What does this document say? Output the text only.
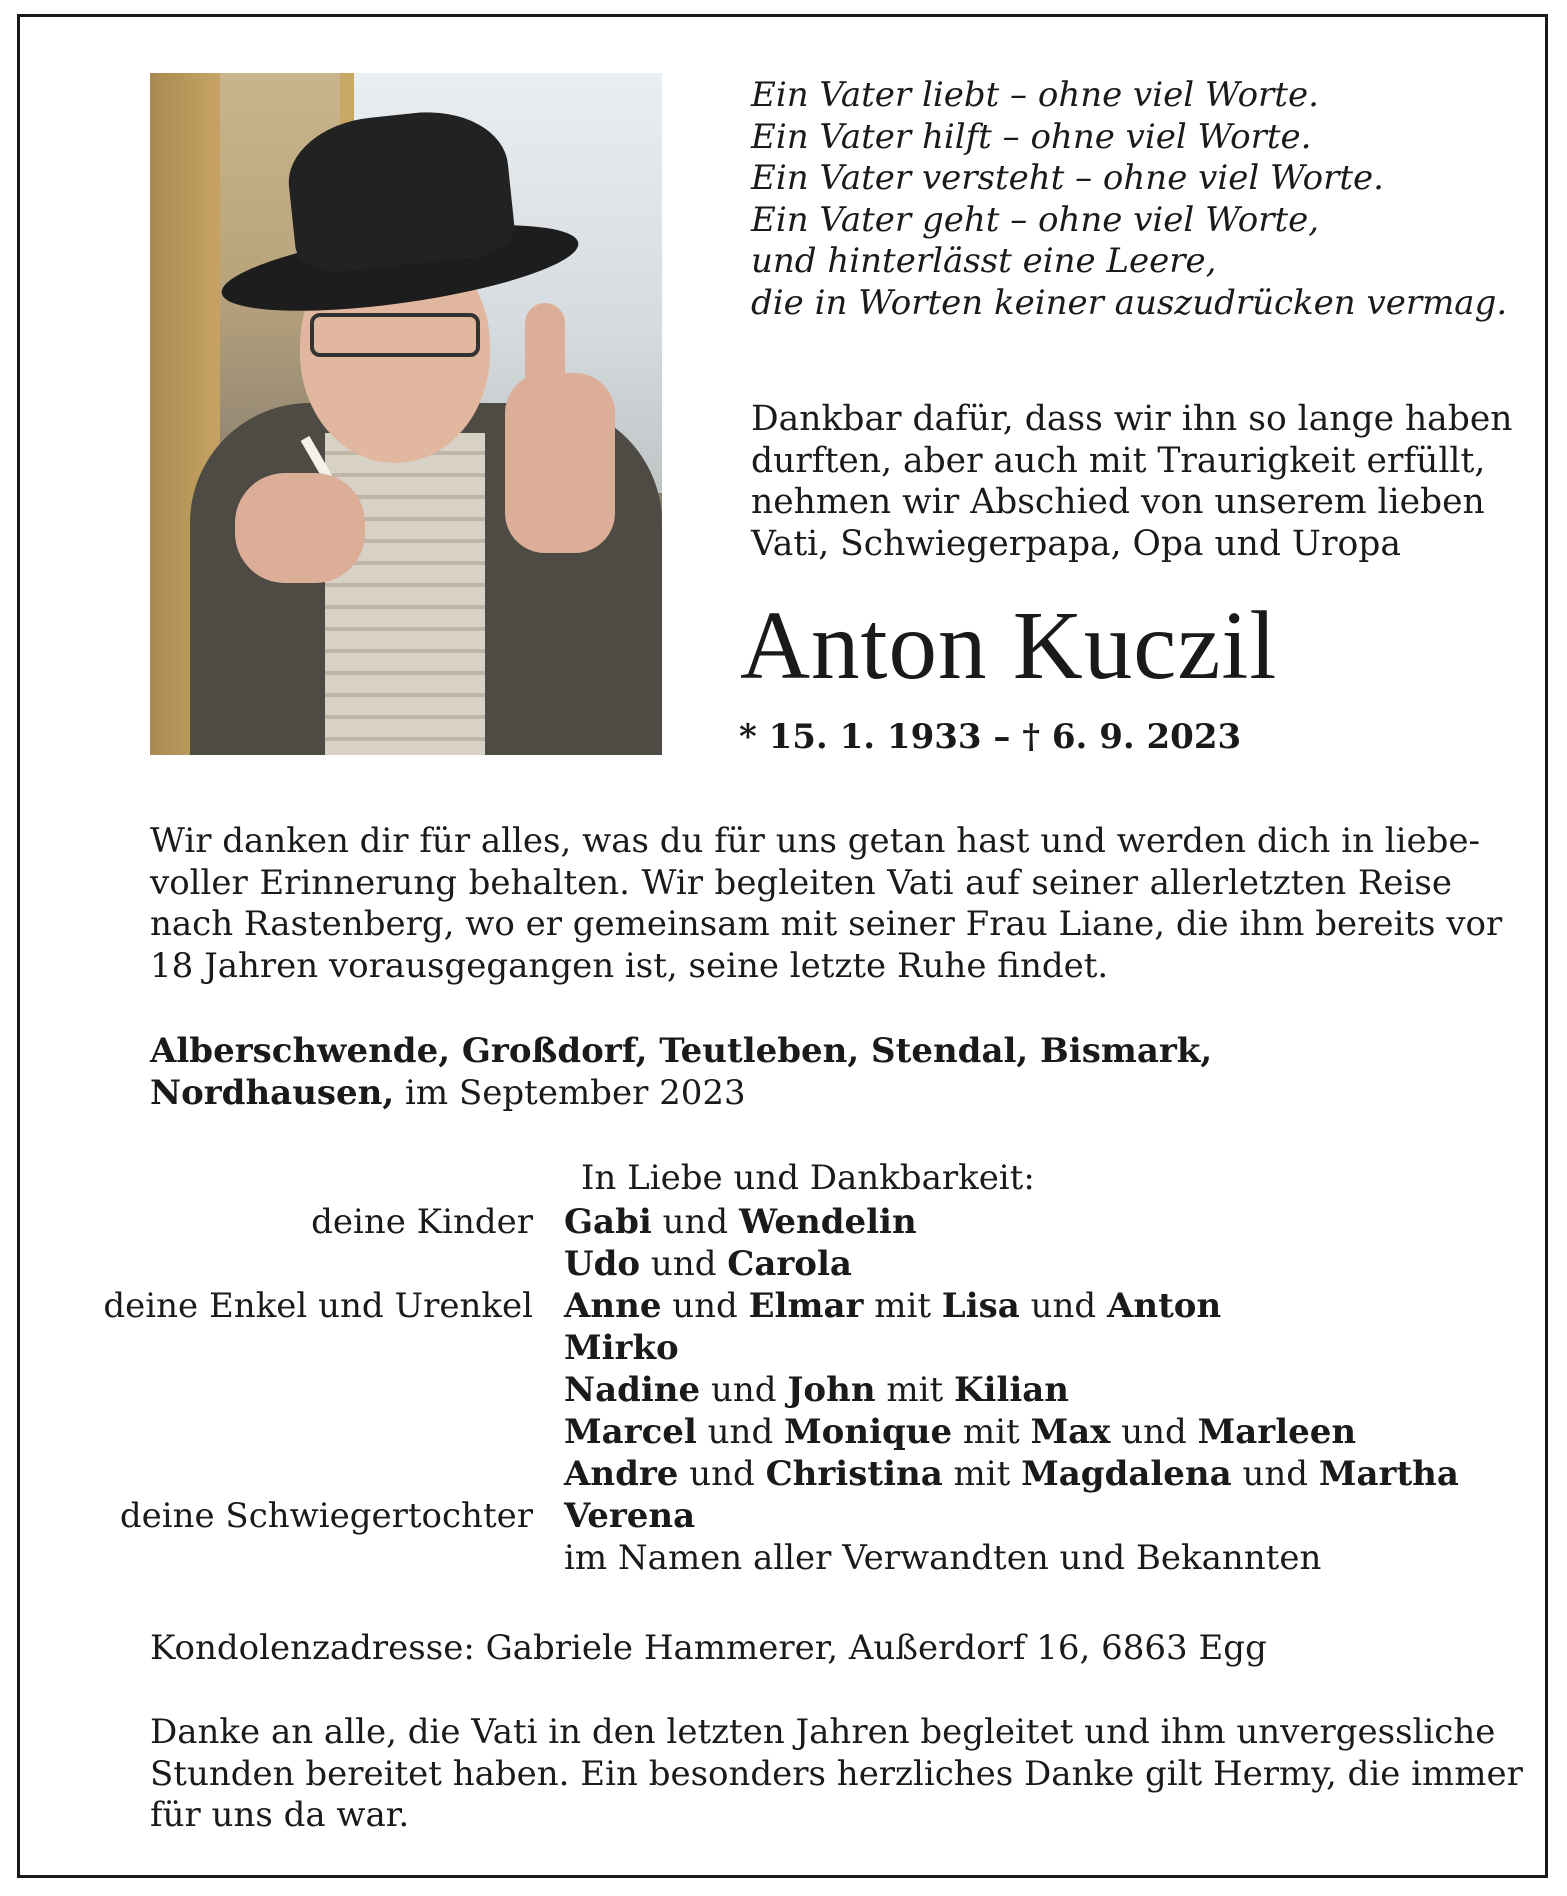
Ein Vater liebt – ohne viel Worte.
Ein Vater hilft – ohne viel Worte.
Ein Vater versteht – ohne viel Worte.
Ein Vater geht – ohne viel Worte,
und hinterlässt eine Leere,
die in Worten keiner auszudrücken vermag.
Dankbar dafür, dass wir ihn so lange haben
durften, aber auch mit Traurigkeit erfüllt,
nehmen wir Abschied von unserem lieben
Vati, Schwiegerpapa, Opa und Uropa
Anton Kuczil
* 15. 1. 1933 – † 6. 9. 2023
Wir danken dir für alles, was du für uns getan hast und werden dich in liebe-
voller Erinnerung behalten. Wir begleiten Vati auf seiner allerletzten Reise
nach Rastenberg, wo er gemeinsam mit seiner Frau Liane, die ihm bereits vor
18 Jahren vorausgegangen ist, seine letzte Ruhe findet.
Alberschwende, Großdorf, Teutleben, Stendal, Bismark,
Nordhausen, im September 2023
In Liebe und Dankbarkeit:
deine Kinder
deine Enkel und Urenkel
deine Schwiegertochter
Gabi und Wendelin
Udo und Carola
Anne und Elmar mit Lisa und Anton
Mirko
Nadine und John mit Kilian
Marcel und Monique mit Max und Marleen
Andre und Christina mit Magdalena und Martha
Verena
im Namen aller Verwandten und Bekannten
Kondolenzadresse: Gabriele Hammerer, Außerdorf 16, 6863 Egg
Danke an alle, die Vati in den letzten Jahren begleitet und ihm unvergessliche
Stunden bereitet haben. Ein besonders herzliches Danke gilt Hermy, die immer
für uns da war.
